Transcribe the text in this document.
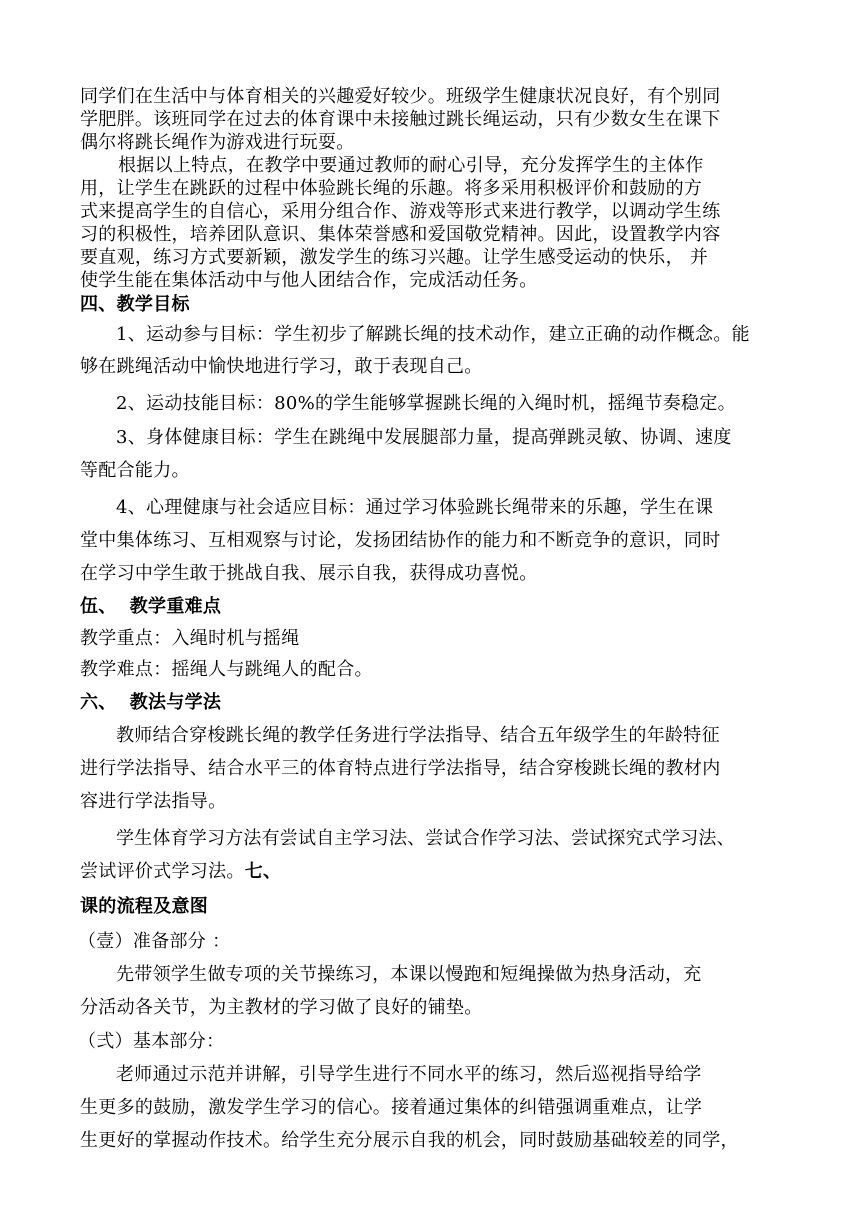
同学们在生活中与体育相关的兴趣爱好较少。班级学生健康状况良好，有个别同
学肥胖。该班同学在过去的体育课中未接触过跳长绳运动，只有少数女生在课下
偶尔将跳长绳作为游戏进行玩耍。
根据以上特点，在教学中要通过教师的耐心引导，充分发挥学生的主体作
用，让学生在跳跃的过程中体验跳长绳的乐趣。将多采用积极评价和鼓励的方
式来提高学生的自信心，采用分组合作、游戏等形式来进行教学，以调动学生练
习的积极性，培养团队意识、集体荣誉感和爱国敬党精神。因此，设置教学内容
要直观，练习方式要新颖，激发学生的练习兴趣。让学生感受运动的快乐， 并
使学生能在集体活动中与他人团结合作，完成活动任务。
四、教学目标
1、运动参与目标：学生初步了解跳长绳的技术动作，建立正确的动作概念。能
够在跳绳活动中愉快地进行学习，敢于表现自己。
2、运动技能目标：80%的学生能够掌握跳长绳的入绳时机，摇绳节奏稳定。
3、身体健康目标：学生在跳绳中发展腿部力量，提高弹跳灵敏、协调、速度
等配合能力。
4、心理健康与社会适应目标：通过学习体验跳长绳带来的乐趣，学生在课
堂中集体练习、互相观察与讨论，发扬团结协作的能力和不断竞争的意识，同时
在学习中学生敢于挑战自我、展示自我，获得成功喜悦。
伍、  教学重难点
教学重点：入绳时机与摇绳
教学难点：摇绳人与跳绳人的配合。
六、  教法与学法
教师结合穿梭跳长绳的教学任务进行学法指导、结合五年级学生的年龄特征
进行学法指导、结合水平三的体育特点进行学法指导，结合穿梭跳长绳的教材内
容进行学法指导。
学生体育学习方法有尝试自主学习法、尝试合作学习法、尝试探究式学习法、
尝试评价式学习法。七、
课的流程及意图
（壹）准备部分 ：
先带领学生做专项的关节操练习，本课以慢跑和短绳操做为热身活动，充
分活动各关节，为主教材的学习做了良好的铺垫。
（弍）基本部分：
老师通过示范并讲解，引导学生进行不同水平的练习，然后巡视指导给学
生更多的鼓励，激发学生学习的信心。接着通过集体的纠错强调重难点，让学
生更好的掌握动作技术。给学生充分展示自我的机会，同时鼓励基础较差的同学，
